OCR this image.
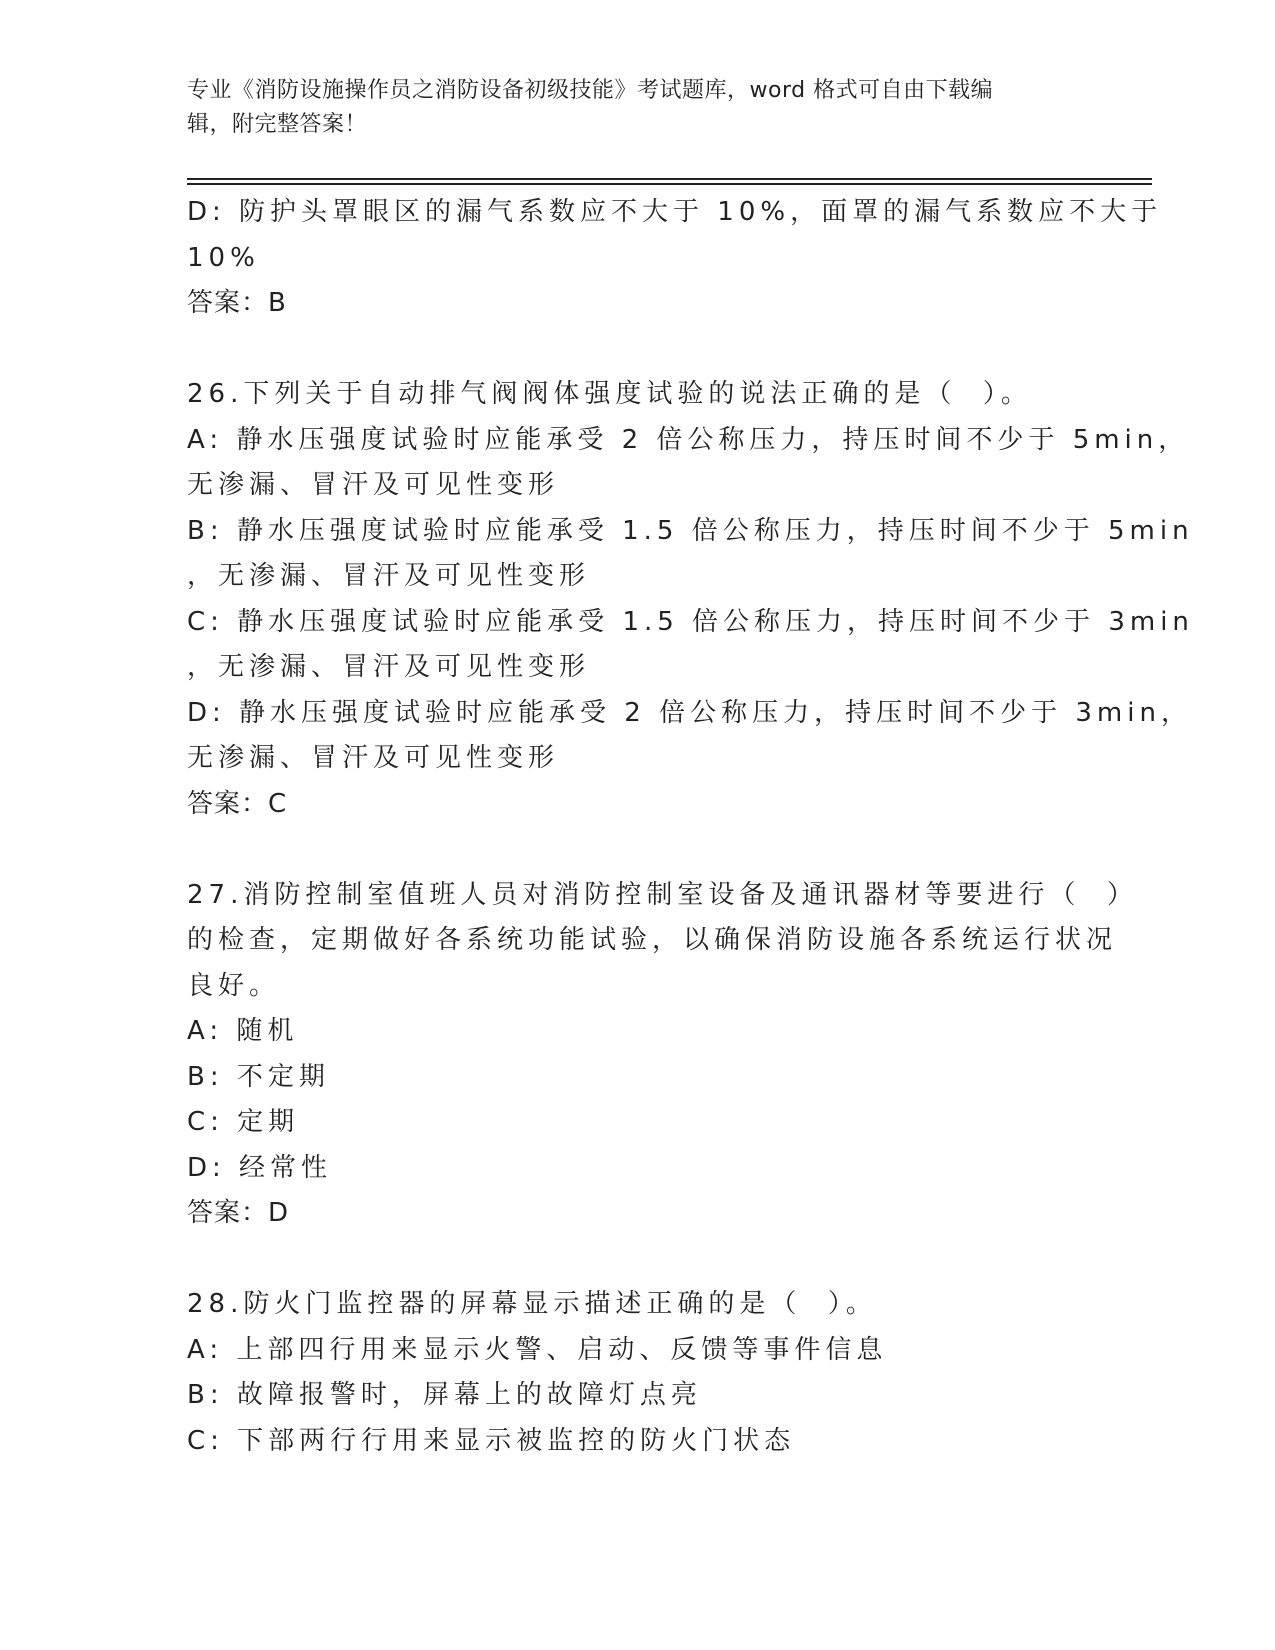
专业《消防设施操作员之消防设备初级技能》考试题库，word 格式可自由下载编
辑，附完整答案！
D: 防护头罩眼区的漏气系数应不大于 10%，面罩的漏气系数应不大于
10%
答案：B
26.下列关于自动排气阀阀体强度试验的说法正确的是（  ）。
A: 静水压强度试验时应能承受 2 倍公称压力，持压时间不少于 5min，
无渗漏、冒汗及可见性变形
B: 静水压强度试验时应能承受 1.5 倍公称压力，持压时间不少于 5min
，无渗漏、冒汗及可见性变形
C: 静水压强度试验时应能承受 1.5 倍公称压力，持压时间不少于 3min
，无渗漏、冒汗及可见性变形
D: 静水压强度试验时应能承受 2 倍公称压力，持压时间不少于 3min，
无渗漏、冒汗及可见性变形
答案：C
27.消防控制室值班人员对消防控制室设备及通讯器材等要进行（  ）
的检查，定期做好各系统功能试验，以确保消防设施各系统运行状况
良好。
A: 随机
B: 不定期
C: 定期
D: 经常性
答案：D
28.防火门监控器的屏幕显示描述正确的是（  ）。
A: 上部四行用来显示火警、启动、反馈等事件信息
B: 故障报警时，屏幕上的故障灯点亮
C: 下部两行行用来显示被监控的防火门状态
